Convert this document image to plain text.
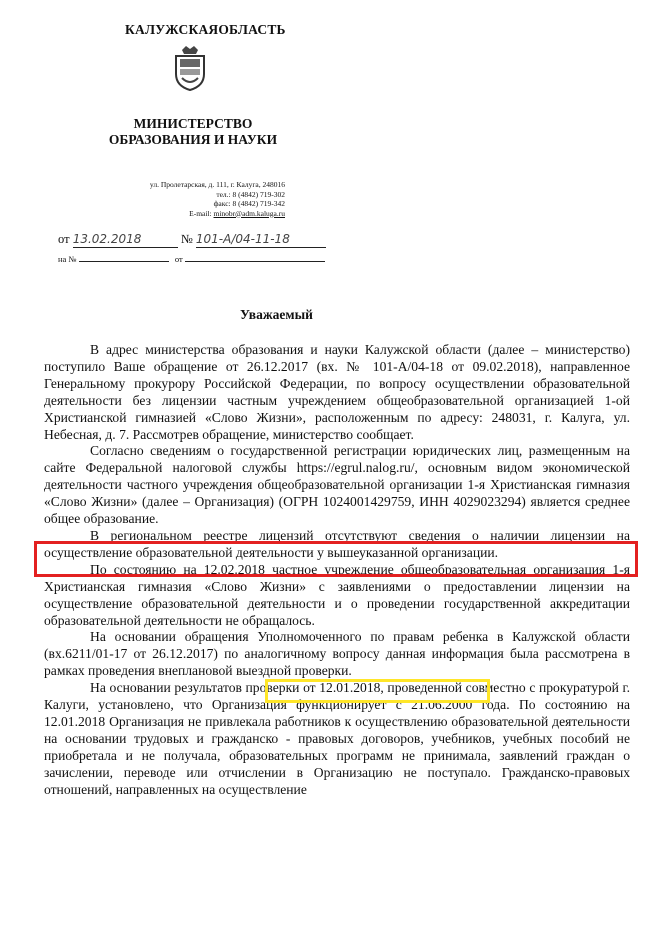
КАЛУЖСКАЯОБЛАСТЬ
МИНИСТЕРСТВО
ОБРАЗОВАНИЯ И НАУКИ
ул. Пролетарская, д. 111, г. Калуга, 248016
тел.: 8 (4842) 719-302
факс: 8 (4842) 719-342
E-mail: minobr@adm.kaluga.ru
от 13.02.2018	№ 101-А/04-11-18
на №	от
Уважаемый

В адрес министерства образования и науки Калужской области (далее – министерство) поступило Ваше обращение от 26.12.2017 (вх. № 101-А/04-18 от 09.02.2018), направленное Генеральному прокурору Российской Федерации, по вопросу осуществлении образовательной деятельности без лицензии частным учреждением общеобразовательной организацией 1-ой Христианской гимназией «Слово Жизни», расположенным по адресу: 248031, г. Калуга, ул. Небесная, д. 7. Рассмотрев обращение, министерство сообщает.

Согласно сведениям о государственной регистрации юридических лиц, размещенным на сайте Федеральной налоговой службы https://egrul.nalog.ru/, основным видом экономической деятельности частного учреждения общеобразовательной организации 1-я Христианская гимназия «Слово Жизни» (далее – Организация) (ОГРН 1024001429759, ИНН 4029023294) является среднее общее образование.

В региональном реестре лицензий отсутствуют сведения о наличии лицензии на осуществление образовательной деятельности у вышеуказанной организации.

По состоянию на 12.02.2018 частное учреждение общеобразовательная организация 1-я Христианская гимназия «Слово Жизни» с заявлениями о предоставлении лицензии на осуществление образовательной деятельности и о проведении государственной аккредитации образовательной деятельности не обращалось.

На основании обращения Уполномоченного по правам ребенка в Калужской области (вх.6211/01-17 от 26.12.2017) по аналогичному вопросу данная информация была рассмотрена в рамках проведения внеплановой выездной проверки.

На основании результатов проверки от 12.01.2018, проведенной совместно с прокуратурой г. Калуги, установлено, что Организация функционирует с 21.06.2000 года. По состоянию на 12.01.2018 Организация не привлекала работников к осуществлению образовательной деятельности на основании трудовых и гражданско - правовых договоров, учебников, учебных пособий не приобретала и не получала, образовательных программ не принимала, заявлений граждан о зачислении, переводе или отчислении в Организацию не поступало. Гражданско-правовых отношений, направленных на осуществление
